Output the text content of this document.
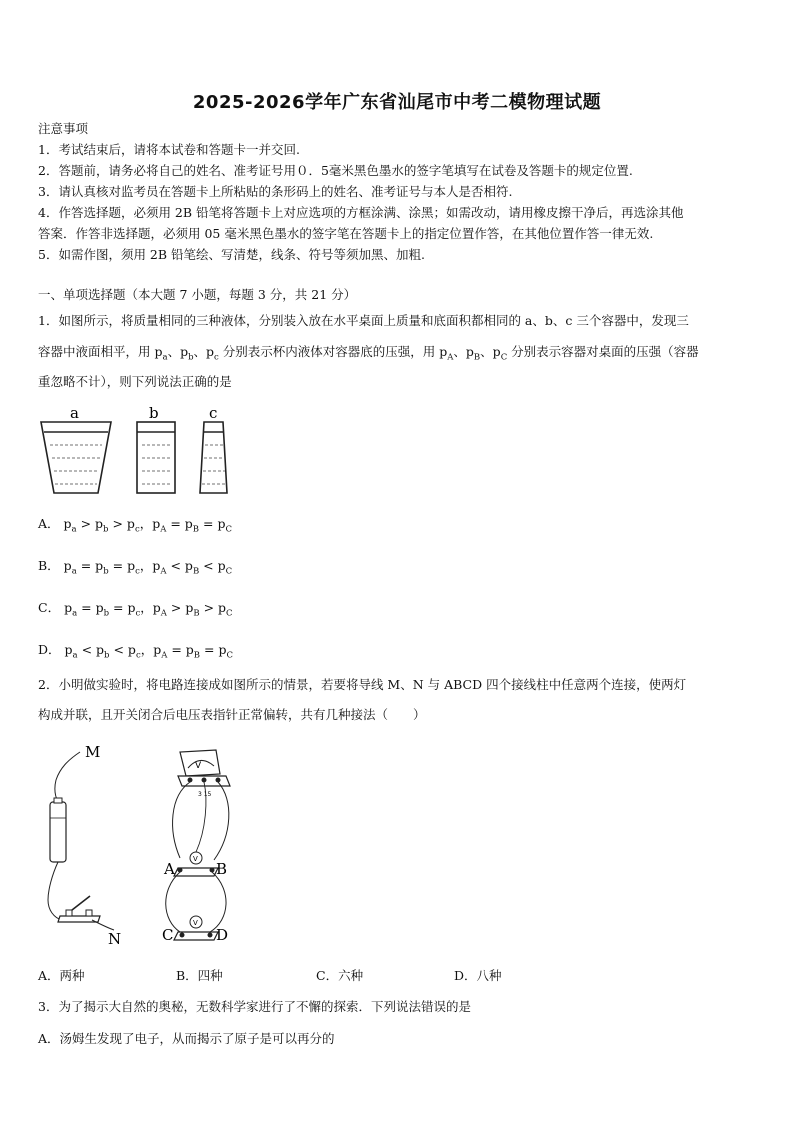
2025-2026学年广东省汕尾市中考二模物理试题
注意事项
1．考试结束后，请将本试卷和答题卡一并交回.
2．答题前，请务必将自己的姓名、准考证号用０．5毫米黑色墨水的签字笔填写在试卷及答题卡的规定位置.
3．请认真核对监考员在答题卡上所粘贴的条形码上的姓名、准考证号与本人是否相符.
4．作答选择题，必须用 2B 铅笔将答题卡上对应选项的方框涂满、涂黑；如需改动，请用橡皮擦干净后，再选涂其他
答案．作答非选择题，必须用 05 毫米黑色墨水的签字笔在答题卡上的指定位置作答，在其他位置作答一律无效.
5．如需作图，须用 2B 铅笔绘、写清楚，线条、符号等须加黑、加粗.
一、单项选择题（本大题 7 小题，每题 3 分，共 21 分）
1．如图所示，将质量相同的三种液体，分别装入放在水平桌面上质量和底面积都相同的 a、b、c 三个容器中，发现三
容器中液面相平，用 $p_a$、$p_b$、$p_c$ 分别表示杯内液体对容器底的压强，用 $p_A$、$p_B$、$p_C$ 分别表示容器对桌面的压强（容器
重忽略不计），则下列说法正确的是
a	b	c
A． $p_a > p_b > p_c$，$p_A = p_B = p_C$
B． $p_a = p_b = p_c$，$p_A < p_B < p_C$
C． $p_a = p_b = p_c$，$p_A > p_B > p_C$
D． $p_a < p_b < p_c$，$p_A = p_B = p_C$
2．小明做实验时，将电路连接成如图所示的情景，若要将导线 M、N 与 ABCD 四个接线柱中任意两个连接，使两灯
构成并联，且开关闭合后电压表指针正常偏转，共有几种接法（　　）
M
N
V
3 15
V
A	B
V
C	D
A．两种	B．四种	C．六种	D．八种
3．为了揭示大自然的奥秘，无数科学家进行了不懈的探索．下列说法错误的是
A．汤姆生发现了电子，从而揭示了原子是可以再分的
